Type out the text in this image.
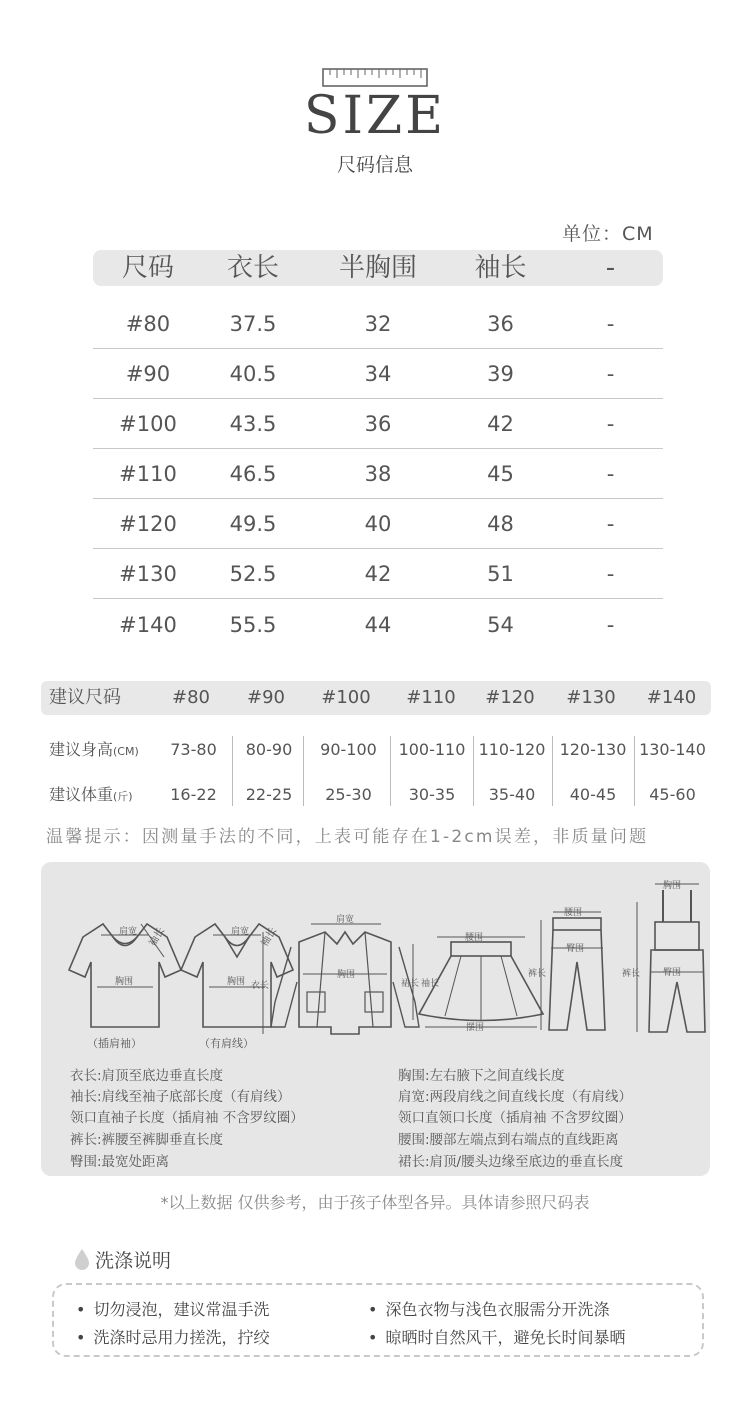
SIZE
尺码信息
单位：CM
尺码	衣长	半胸围	袖长	-
#80	37.5	32	36	-
#90	40.5	34	39	-
#100	43.5	36	42	-
#110	46.5	38	45	-
#120	49.5	40	48	-
#130	52.5	42	51	-
#140	55.5	44	54	-
建议尺码	#80	#90	#100	#110	#120	#130	#140
建议身高(CM)	73-80	80-90	90-100	100-110 110-120 120-130 130-140
建议体重(斤)	16-22	22-25	25-30	30-35	35-40	40-45	45-60
温馨提示：因测量手法的不同，上表可能存在1-2cm误差，非质量问题
肩宽
胸围
袖长
（插肩袖）
肩宽
胸围
袖长
（有肩线）
肩宽
胸围
衣长	袖长
腰围
摆围
裙长
腰围
臀围
裤长
胸围
臀围
裤长
衣长:肩顶至底边垂直长度
袖长:肩线至袖子底部长度（有肩线）
领口直袖子长度（插肩袖 不含罗纹圈）
裤长:裤腰至裤脚垂直长度
臀围:最宽处距离
胸围:左右腋下之间直线长度
肩宽:两段肩线之间直线长度（有肩线）
领口直领口长度（插肩袖 不含罗纹圈）
腰围:腰部左端点到右端点的直线距离
裙长:肩顶/腰头边缘至底边的垂直长度
*以上数据 仅供参考，由于孩子体型各异。具体请参照尺码表
洗涤说明
• 切勿浸泡，建议常温手洗	• 深色衣物与浅色衣服需分开洗涤
• 洗涤时忌用力搓洗，拧绞	• 晾晒时自然风干，避免长时间暴晒
